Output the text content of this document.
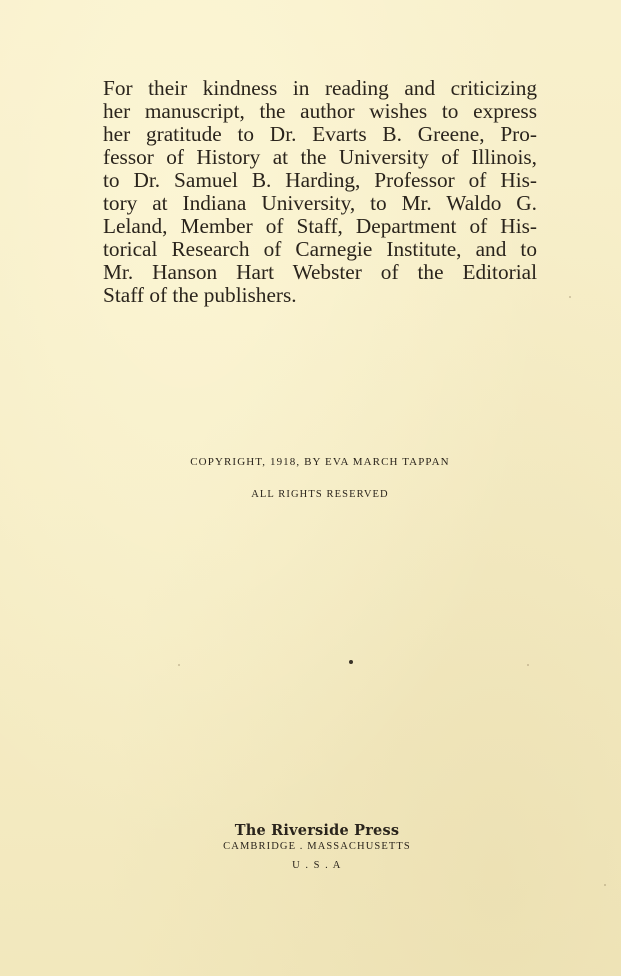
For their kindness in reading and criticizing
her manuscript, the author wishes to express
her gratitude to Dr. Evarts B. Greene, Pro-
fessor of History at the University of Illinois,
to Dr. Samuel B. Harding, Professor of His-
tory at Indiana University, to Mr. Waldo G.
Leland, Member of Staff, Department of His-
torical Research of Carnegie Institute, and to
Mr. Hanson Hart Webster of the Editorial
Staff of the publishers.
COPYRIGHT, 1918, BY EVA MARCH TAPPAN
ALL RIGHTS RESERVED
The Riverside Press
CAMBRIDGE . MASSACHUSETTS
U . S . A
